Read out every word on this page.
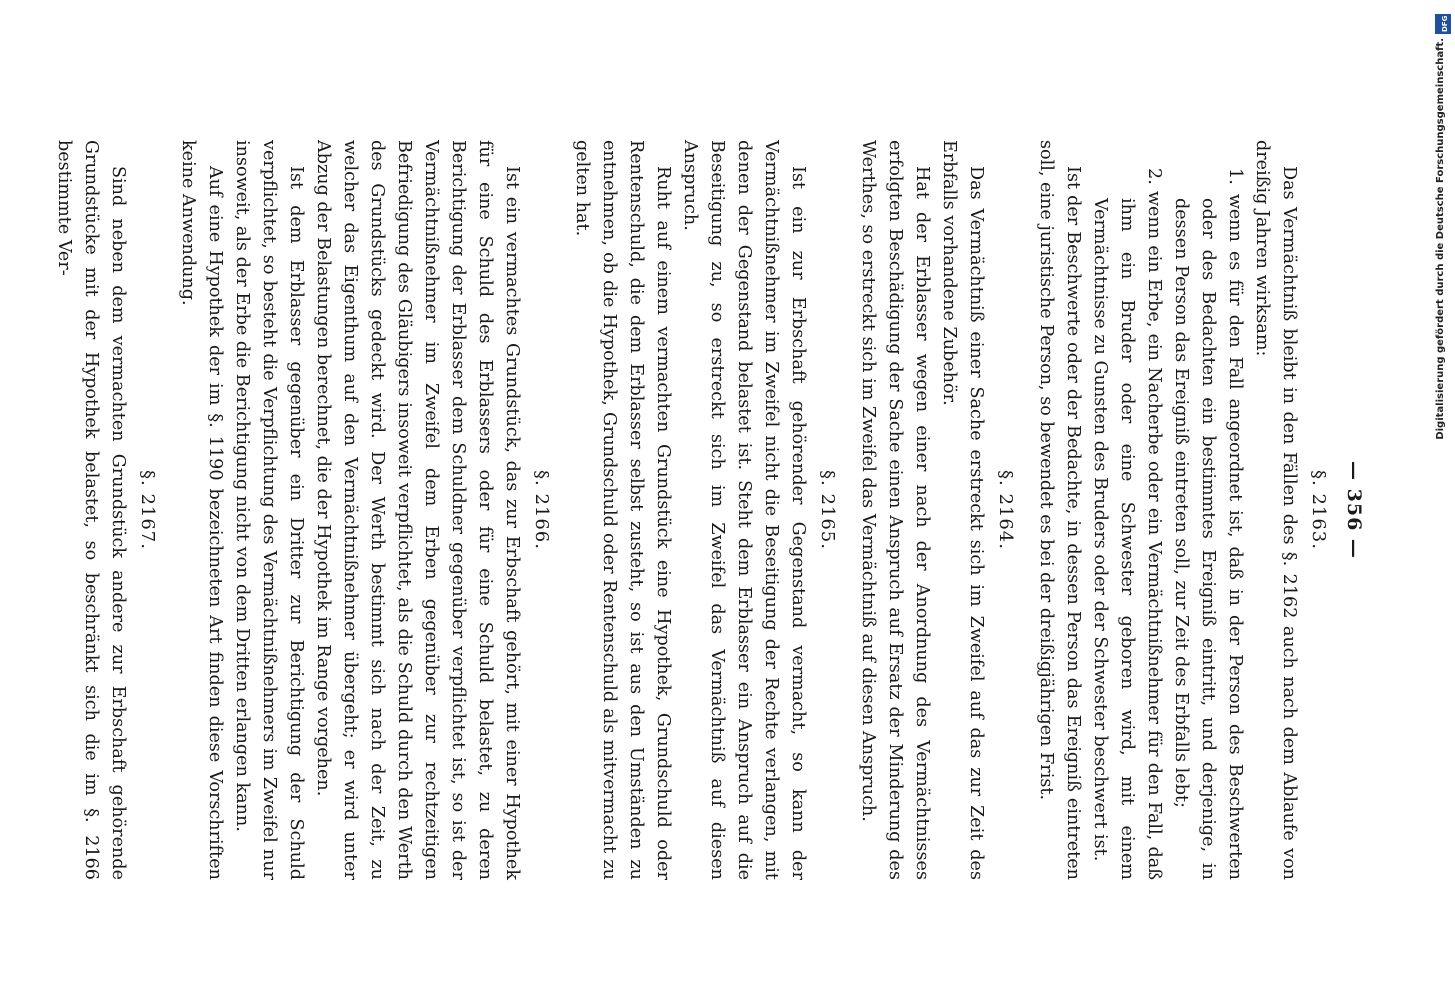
— 356 —
§. 2163.

Das Vermächtniß bleibt in den Fällen des §. 2162 auch nach dem Ablaufe von dreißig Jahren wirksam:

1. wenn es für den Fall angeordnet ist, daß in der Person des Beschwerten oder des Bedachten ein bestimmtes Ereigniß eintritt, und derjenige, in dessen Person das Ereigniß eintreten soll, zur Zeit des Erbfalls lebt;

2. wenn ein Erbe, ein Nacherbe oder ein Vermächtnißnehmer für den Fall, daß ihm ein Bruder oder eine Schwester geboren wird, mit einem Vermächtnisse zu Gunsten des Bruders oder der Schwester beschwert ist.

Ist der Beschwerte oder der Bedachte, in dessen Person das Ereigniß eintreten soll, eine juristische Person, so bewendet es bei der dreißigjährigen Frist.

§. 2164.

Das Vermächtniß einer Sache erstreckt sich im Zweifel auf das zur Zeit des Erbfalls vorhandene Zubehör.

Hat der Erblasser wegen einer nach der Anordnung des Vermächtnisses erfolgten Beschädigung der Sache einen Anspruch auf Ersatz der Minderung des Werthes, so erstreckt sich im Zweifel das Vermächtniß auf diesen Anspruch.

§. 2165.

Ist ein zur Erbschaft gehörender Gegenstand vermacht, so kann der Vermächtnißnehmer im Zweifel nicht die Beseitigung der Rechte verlangen, mit denen der Gegenstand belastet ist. Steht dem Erblasser ein Anspruch auf die Beseitigung zu, so erstreckt sich im Zweifel das Vermächtniß auf diesen Anspruch.

Ruht auf einem vermachten Grundstück eine Hypothek, Grundschuld oder Rentenschuld, die dem Erblasser selbst zusteht, so ist aus den Umständen zu entnehmen, ob die Hypothek, Grundschuld oder Rentenschuld als mitvermacht zu gelten hat.

§. 2166.

Ist ein vermachtes Grundstück, das zur Erbschaft gehört, mit einer Hypothek für eine Schuld des Erblassers oder für eine Schuld belastet, zu deren Berichtigung der Erblasser dem Schuldner gegenüber verpflichtet ist, so ist der Vermächtnißnehmer im Zweifel dem Erben gegenüber zur rechtzeitigen Befriedigung des Gläubigers insoweit verpflichtet, als die Schuld durch den Werth des Grundstücks gedeckt wird. Der Werth bestimmt sich nach der Zeit, zu welcher das Eigenthum auf den Vermächtnißnehmer übergeht; er wird unter Abzug der Belastungen berechnet, die der Hypothek im Range vorgehen.

Ist dem Erblasser gegenüber ein Dritter zur Berichtigung der Schuld verpflichtet, so besteht die Verpflichtung des Vermächtnißnehmers im Zweifel nur insoweit, als der Erbe die Berichtigung nicht von dem Dritten erlangen kann.

Auf eine Hypothek der im §. 1190 bezeichneten Art finden diese Vorschriften keine Anwendung.

§. 2167.

Sind neben dem vermachten Grundstück andere zur Erbschaft gehörende Grundstücke mit der Hypothek belastet, so beschränkt sich die im §. 2166 bestimmte Ver-

DFG
Digitalisierung gefördert durch die Deutsche Forschungsgemeinschaft.
